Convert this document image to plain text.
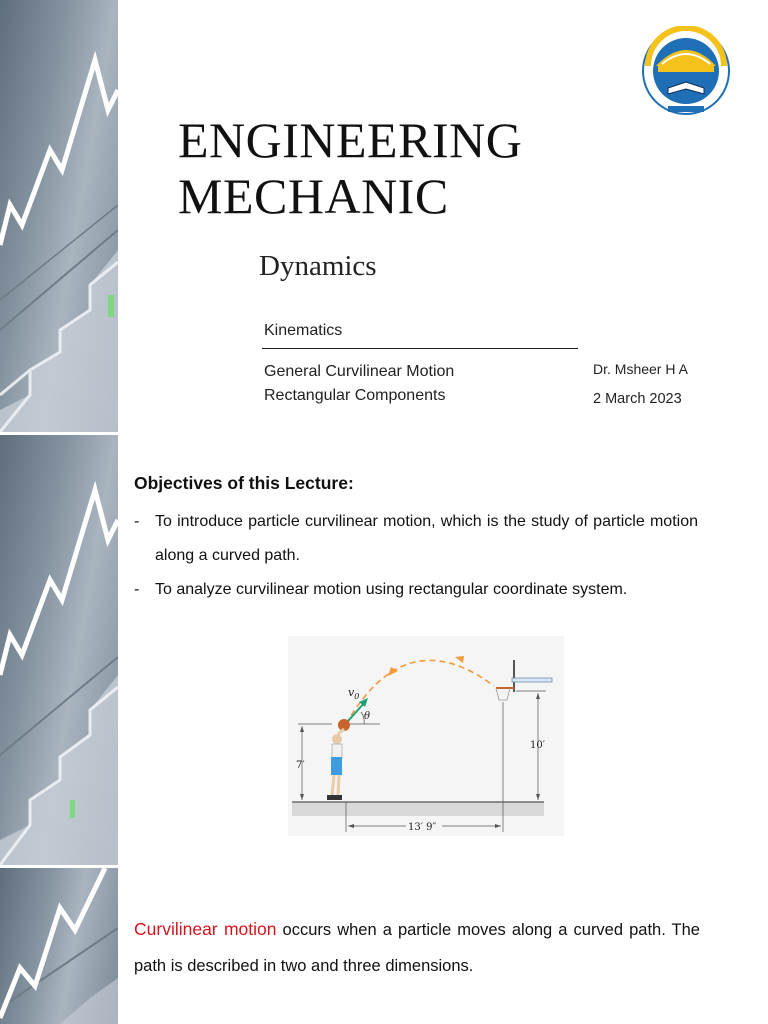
ENGINEERING
MECHANIC
Dynamics
Kinematics
General Curvilinear Motion
Rectangular Components
Dr. Msheer H A
2 March 2023
Objectives of this Lecture:
- To introduce particle curvilinear motion, which is the study of particle motion along a curved path.
- To analyze curvilinear motion using rectangular coordinate system.
$v_0$
θ
7′
10′
13′ 9″
Curvilinear motion occurs when a particle moves along a curved path. The path is described in two and three dimensions.
